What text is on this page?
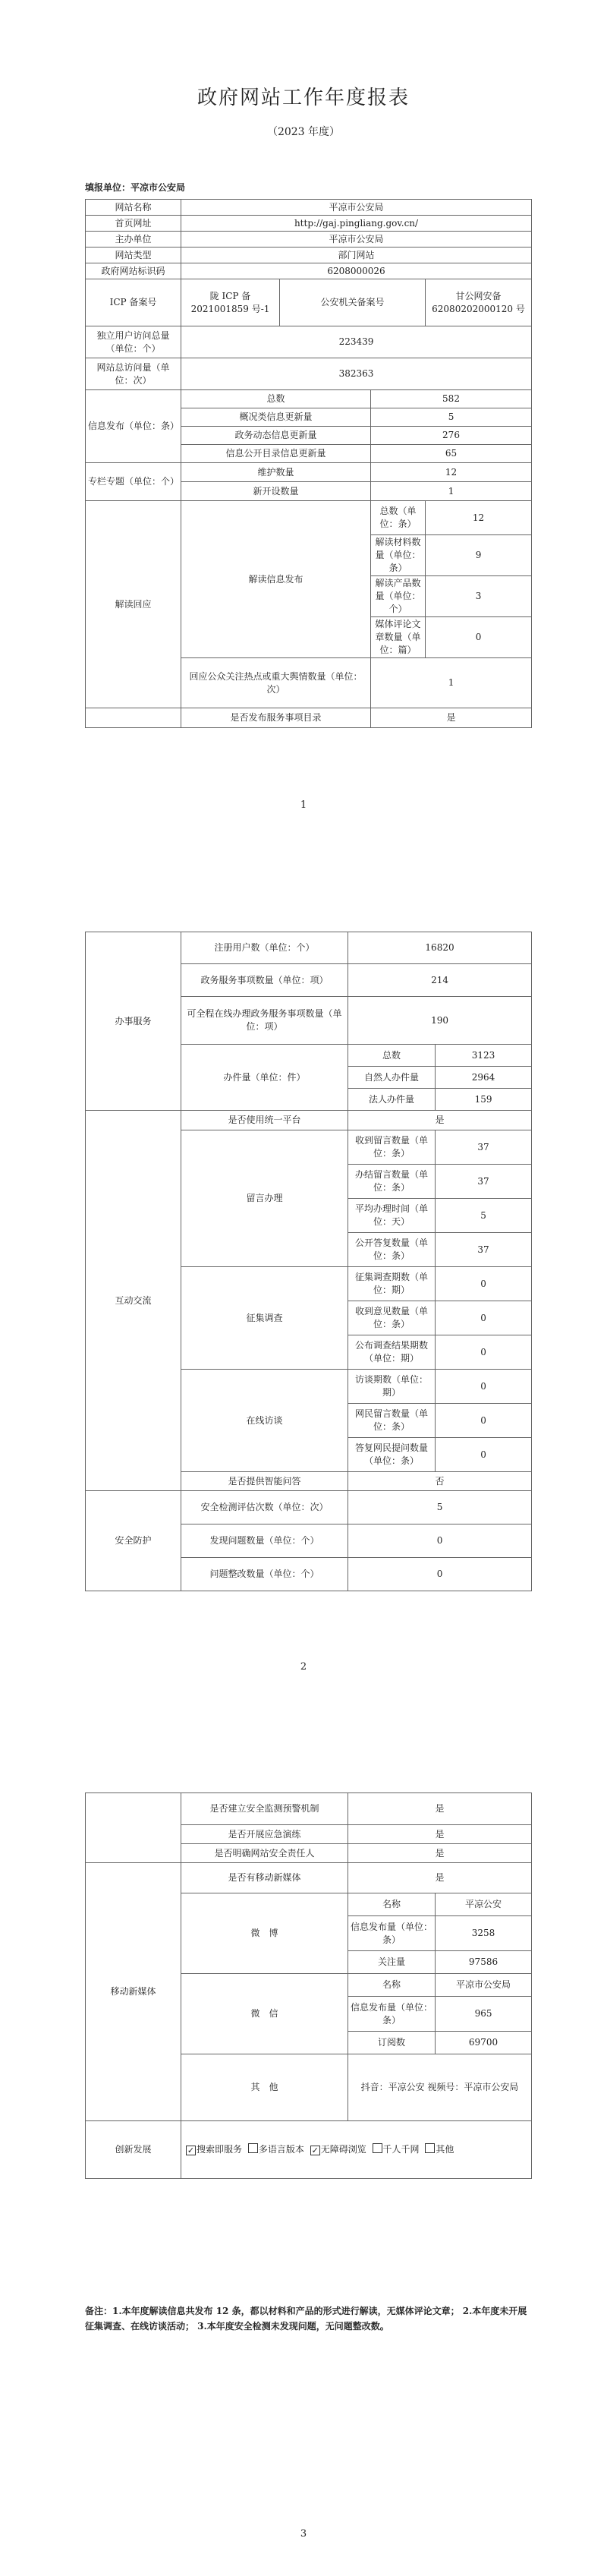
政府网站工作年度报表
（2023 年度）
填报单位：平凉市公安局
网站名称	平凉市公安局			
首页网址	http://gaj.pingliang.gov.cn/			
主办单位	平凉市公安局			
网站类型	部门网站			
政府网站标识码	6208000026			
ICP 备案号	陇 ICP 备 2021001859 号-1	公安机关备案号		甘公网安备 62080202000120 号
独立用户访问总量（单位：个）	223439			
网站总访问量（单位：次）	382363			
信息发布（单位：条）	总数		582	
	概况类信息更新量		5	
	政务动态信息更新量		276	
	信息公开目录信息更新量		65	
专栏专题（单位：个）	维护数量		12	
	新开设数量		1	
解读回应	解读信息发布		总数（单位：条）	12
			解读材料数量（单位：条）	9
			解读产品数量（单位：个）	3
			媒体评论文章数量（单位：篇）	0
	回应公众关注热点或重大舆情数量（单位：次）		1	
	是否发布服务事项目录		是	
1
办事服务	注册用户数（单位：个）	16820	
	政务服务事项数量（单位：项）	214	
	可全程在线办理政务服务事项数量（单位：项）	190	
	办件量（单位：件）	总数	3123
		自然人办件量	2964
		法人办件量	159
互动交流	是否使用统一平台	是	
	留言办理	收到留言数量（单位：条）	37
		办结留言数量（单位：条）	37
		平均办理时间（单位：天）	5
		公开答复数量（单位：条）	37
	征集调查	征集调查期数（单位：期）	0
		收到意见数量（单位：条）	0
		公布调查结果期数（单位：期）	0
	在线访谈	访谈期数（单位：期）	0
		网民留言数量（单位：条）	0
		答复网民提问数量（单位：条）	0
	是否提供智能问答	否	
安全防护	安全检测评估次数（单位：次）	5	
	发现问题数量（单位：个）	0	
	问题整改数量（单位：个）	0	
2
	是否建立安全监测预警机制	是	
	是否开展应急演练	是	
	是否明确网站安全责任人	是	
移动新媒体	是否有移动新媒体	是	
	微　博	名称	平凉公安
		信息发布量（单位：条）	3258
		关注量	97586
	微　信	名称	平凉市公安局
		信息发布量（单位：条）	965
		订阅数	69700
	其　他	抖音：平凉公安 视频号：平凉市公安局	
创新发展	✓ 搜索即服务 多语言版本 ✓ 无障碍浏览 千人千网 其他		
备注：1.本年度解读信息共发布 12 条，都以材料和产品的形式进行解读，无媒体评论文章； 2.本年度未开展征集调查、在线访谈活动； 3.本年度安全检测未发现问题，无问题整改数。
3
